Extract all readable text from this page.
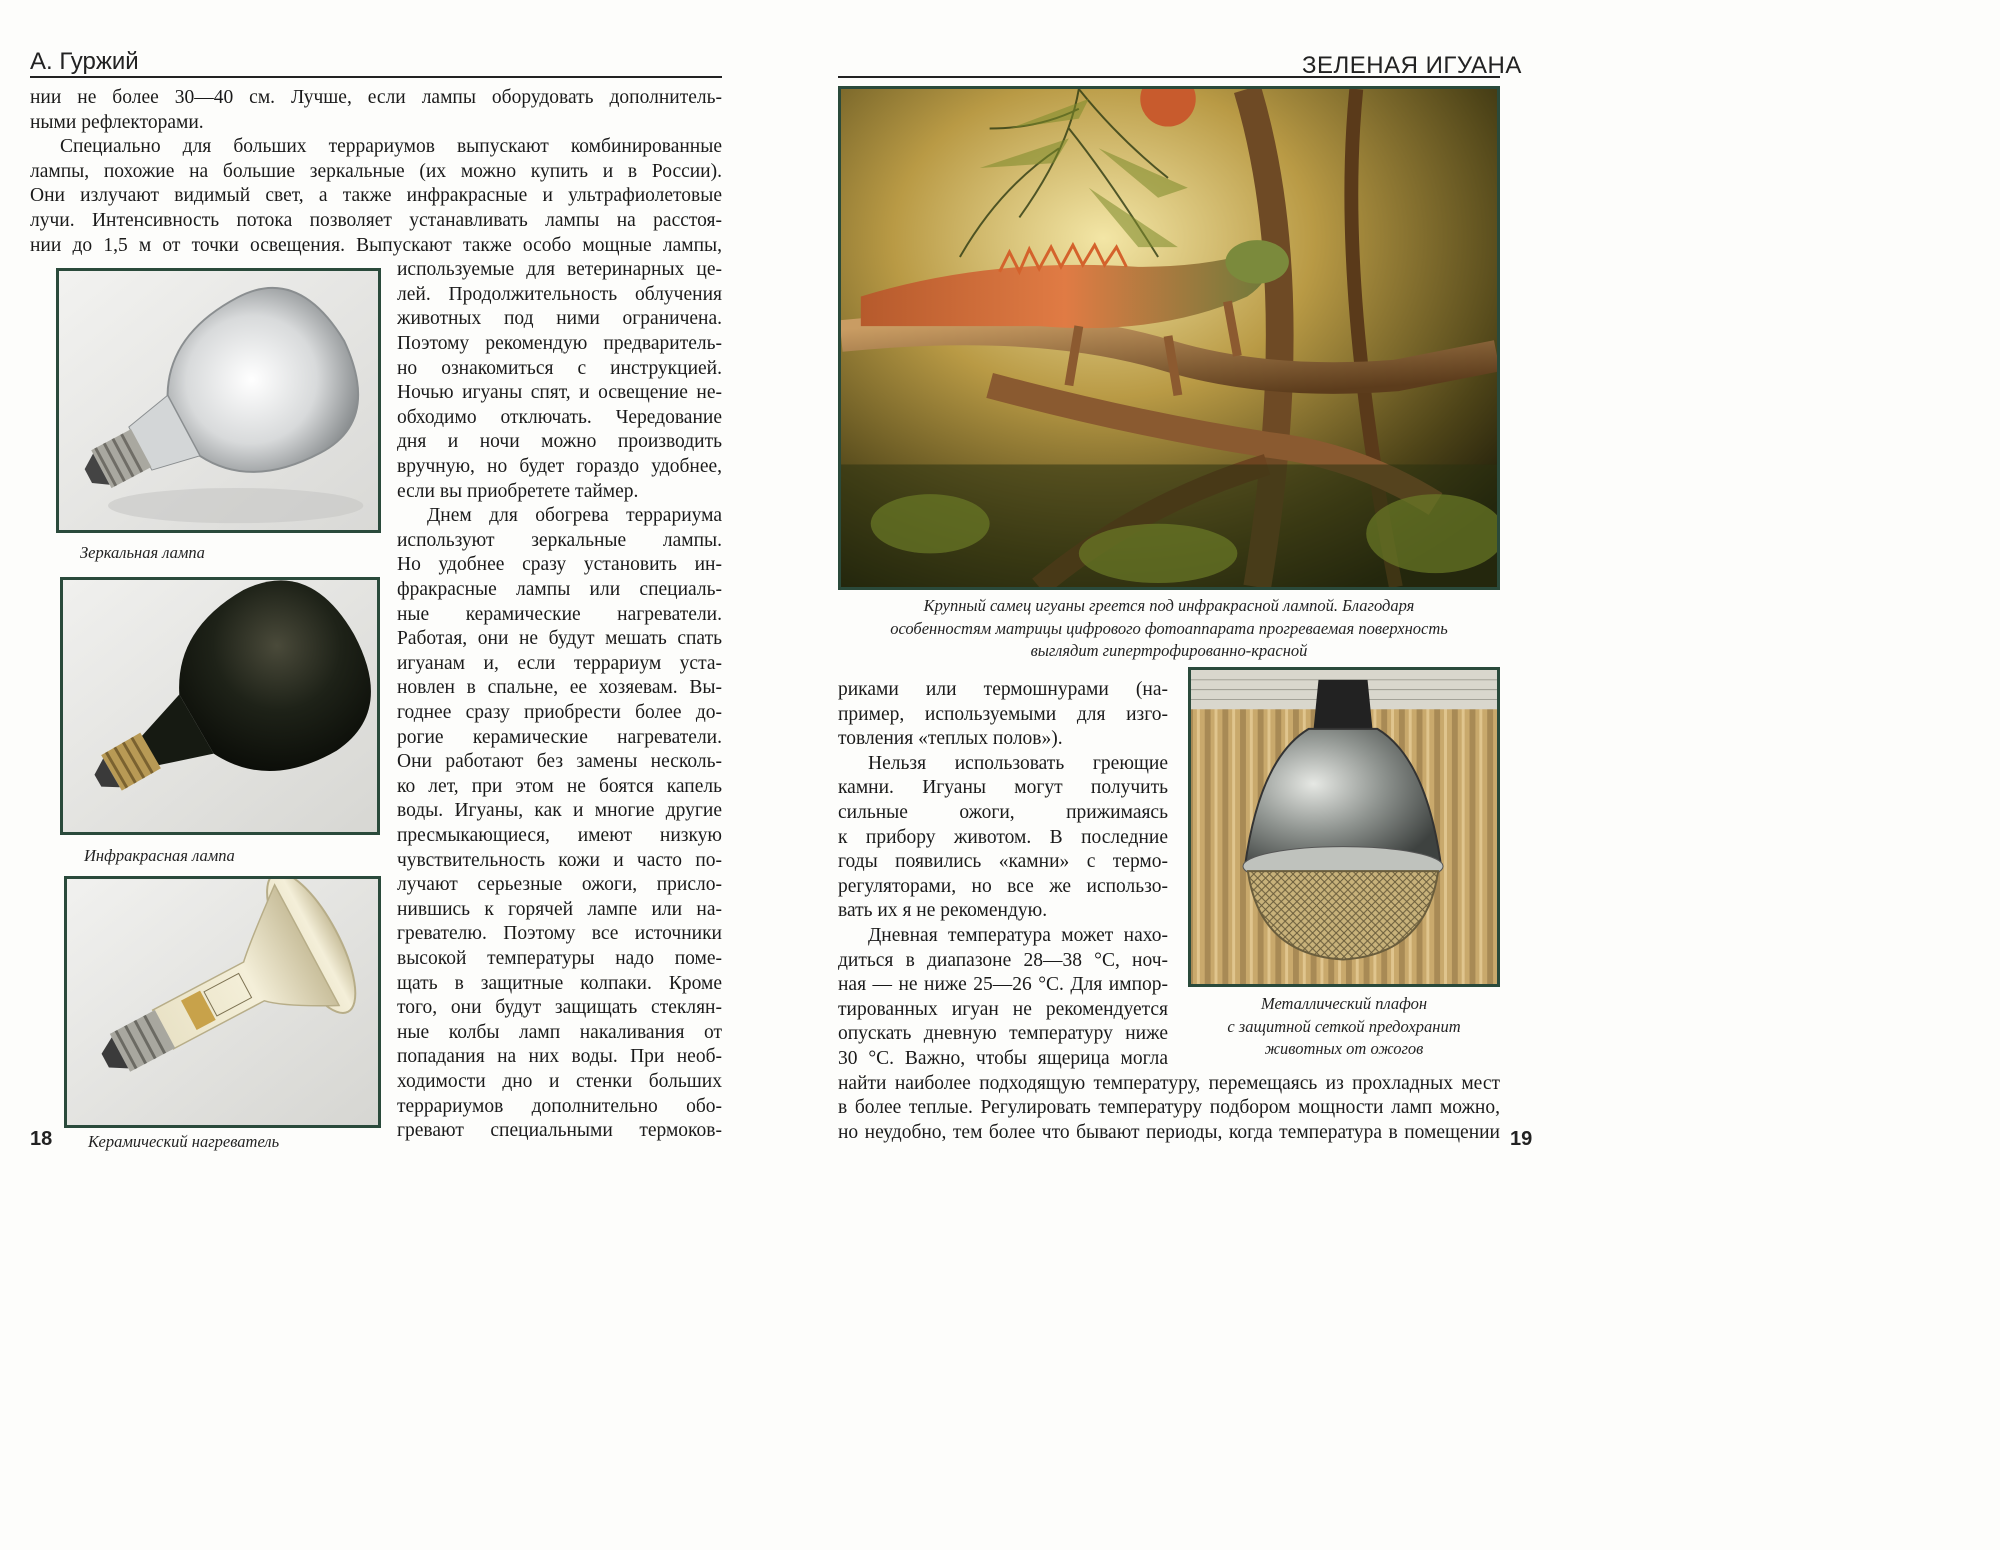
А. Гуржий
нии не более 30—40 см. Лучше, если лампы оборудовать дополнитель-
ными рефлекторами.
Специально для больших террариумов выпускают комбинированные
лампы, похожие на большие зеркальные (их можно купить и в России).
Они излучают видимый свет, а также инфракрасные и ультрафиолетовые
лучи. Интенсивность потока позволяет устанавливать лампы на расстоя-
нии до 1,5 м от точки освещения. Выпускают также особо мощные лампы,
используемые для ветеринарных це-
лей. Продолжительность облучения
животных под ними ограничена.
Поэтому рекомендую предваритель-
но ознакомиться с инструкцией.
Ночью игуаны спят, и освещение не-
обходимо отключать. Чередование
дня и ночи можно производить
вручную, но будет гораздо удобнее,
если вы приобретете таймер.
Днем для обогрева террариума
используют зеркальные лампы.
Но удобнее сразу установить ин-
фракрасные лампы или специаль-
ные керамические нагреватели.
Работая, они не будут мешать спать
игуанам и, если террариум уста-
новлен в спальне, ее хозяевам. Вы-
годнее сразу приобрести более до-
рогие керамические нагреватели.
Они работают без замены несколь-
ко лет, при этом не боятся капель
воды. Игуаны, как и многие другие
пресмыкающиеся, имеют низкую
чувствительность кожи и часто по-
лучают серьезные ожоги, присло-
нившись к горячей лампе или на-
гревателю. Поэтому все источники
высокой температуры надо поме-
щать в защитные колпаки. Кроме
того, они будут защищать стеклян-
ные колбы ламп накаливания от
попадания на них воды. При необ-
ходимости дно и стенки больших
террариумов дополнительно обо-
гревают специальными термоков-
Зеркальная лампа
Инфракрасная лампа
Керамический нагреватель
18
ЗЕЛЕНАЯ ИГУАНА
Крупный самец игуаны греется под инфракрасной лампой. Благодаря
особенностям матрицы цифрового фотоаппарата прогреваемая поверхность
выглядит гипертрофированно-красной
Металлический плафон
с защитной сеткой предохранит
животных от ожогов
риками или термошнурами (на-
пример, используемыми для изго-
товления «теплых полов»).
Нельзя использовать греющие
камни. Игуаны могут получить
сильные ожоги, прижимаясь
к прибору животом. В последние
годы появились «камни» с термо-
регуляторами, но все же использо-
вать их я не рекомендую.
Дневная температура может нахо-
диться в диапазоне 28—38 °С, ноч-
ная — не ниже 25—26 °С. Для импор-
тированных игуан не рекомендуется
опускать дневную температуру ниже
30 °С. Важно, чтобы ящерица могла
найти наиболее подходящую температуру, перемещаясь из прохладных мест
в более теплые. Регулировать температуру подбором мощности ламп можно,
но неудобно, тем более что бывают периоды, когда температура в помещении 19
